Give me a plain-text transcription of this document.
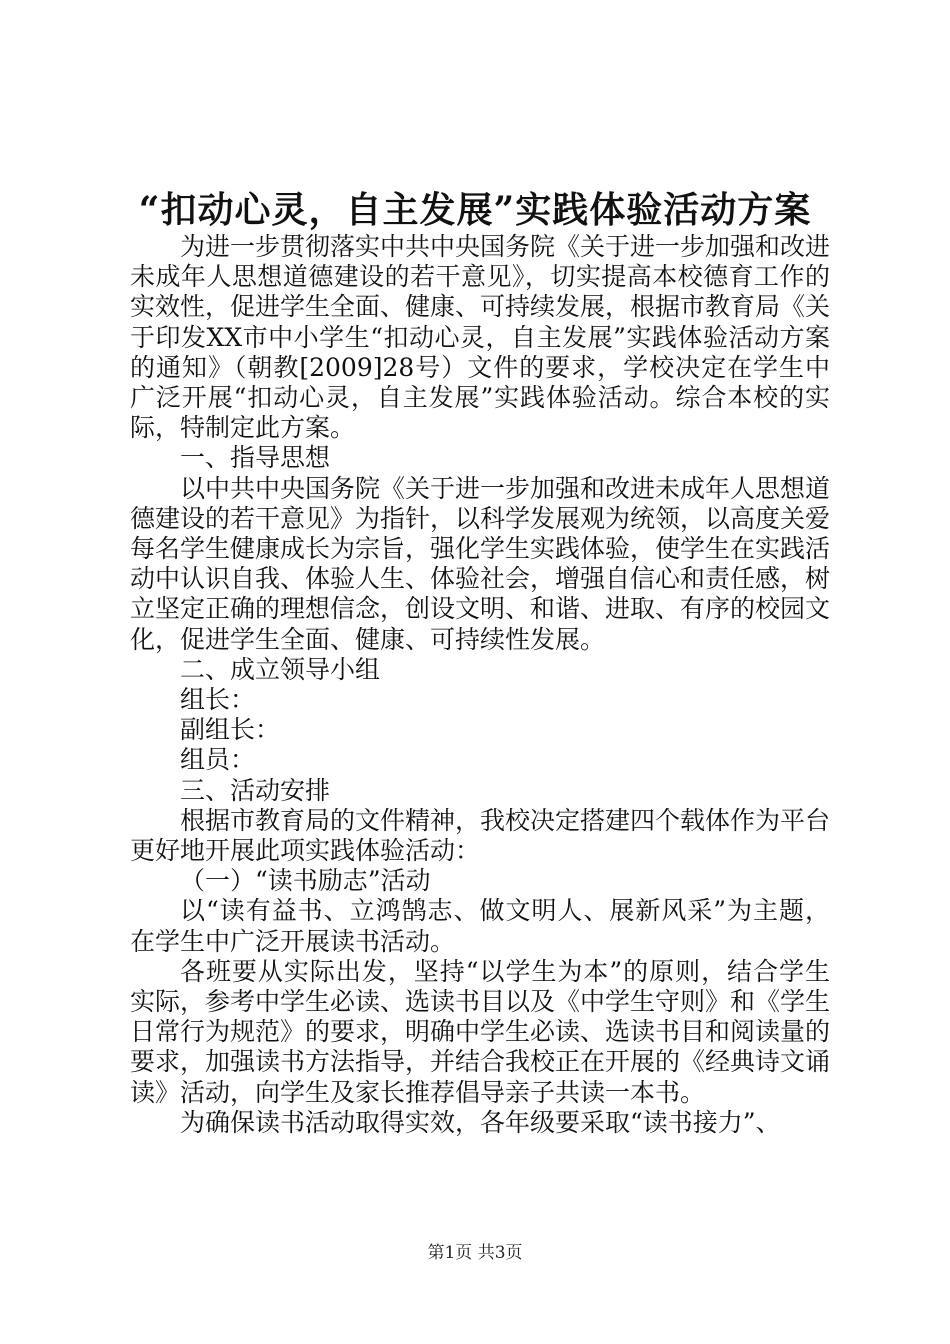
“扣动心灵，自主发展”实践体验活动方案

为进一步贯彻落实中共中央国务院《关于进一步加强和改进未成年人思想道德建设的若干意见》，切实提高本校德育工作的实效性，促进学生全面、健康、可持续发展，根据市教育局《关于印发XX市中小学生“扣动心灵，自主发展”实践体验活动方案的通知》（朝教[2009]28号）文件的要求，学校决定在学生中广泛开展“扣动心灵，自主发展”实践体验活动。综合本校的实际，特制定此方案。

一、指导思想

以中共中央国务院《关于进一步加强和改进未成年人思想道德建设的若干意见》为指针，以科学发展观为统领，以高度关爱每名学生健康成长为宗旨，强化学生实践体验，使学生在实践活动中认识自我、体验人生、体验社会，增强自信心和责任感，树立坚定正确的理想信念，创设文明、和谐、进取、有序的校园文化，促进学生全面、健康、可持续性发展。

二、成立领导小组

组长：

副组长：

组员：

三、活动安排

根据市教育局的文件精神，我校决定搭建四个载体作为平台更好地开展此项实践体验活动：

（一）“读书励志”活动

以“读有益书、立鸿鹄志、做文明人、展新风采”为主题，在学生中广泛开展读书活动。

各班要从实际出发，坚持“以学生为本”的原则，结合学生实际，参考中学生必读、选读书目以及《中学生守则》和《学生日常行为规范》的要求，明确中学生必读、选读书目和阅读量的要求，加强读书方法指导，并结合我校正在开展的《经典诗文诵读》活动，向学生及家长推荐倡导亲子共读一本书。

为确保读书活动取得实效，各年级要采取“读书接力”、

第1页 共3页
